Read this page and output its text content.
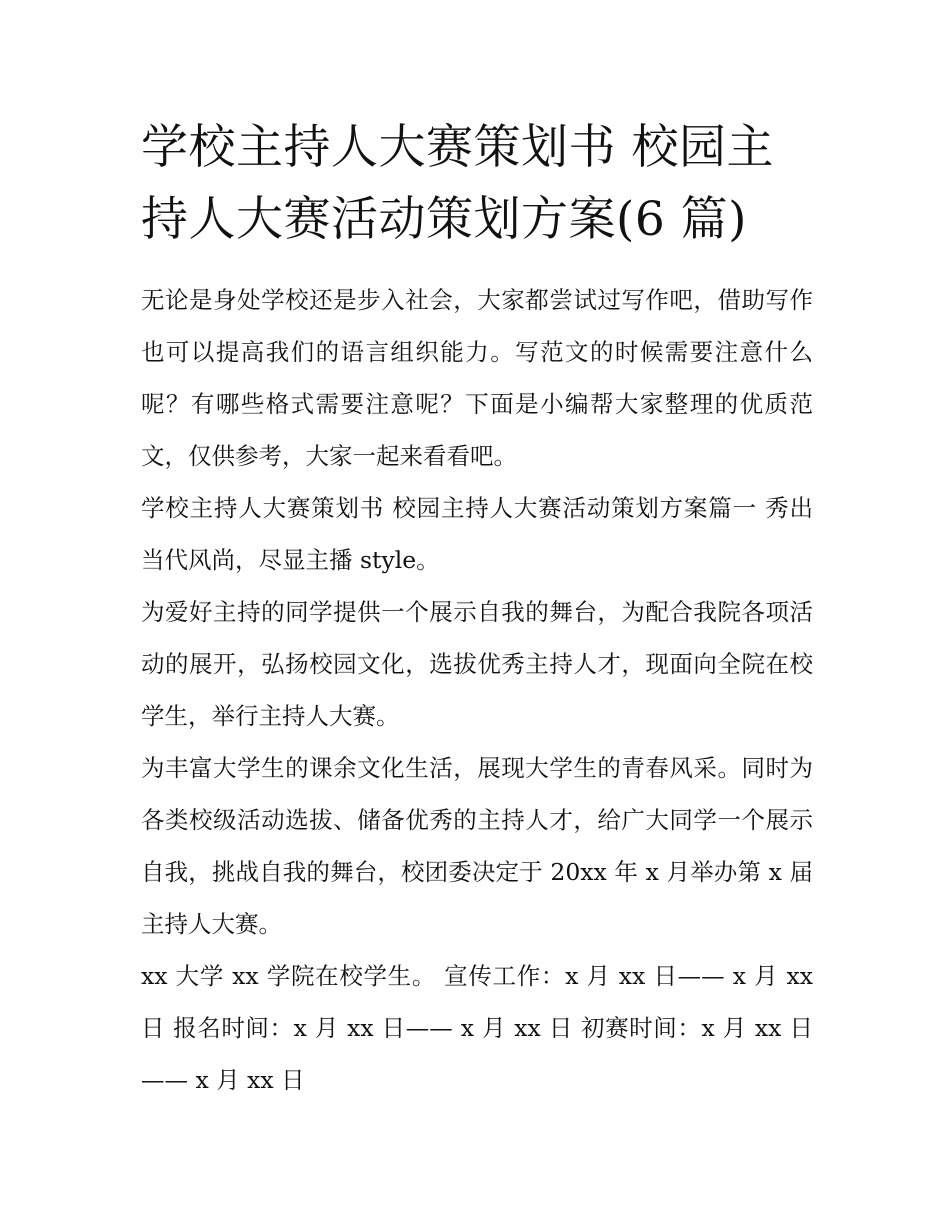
学校主持人大赛策划书 校园主持人大赛活动策划方案(6 篇)

无论是身处学校还是步入社会，大家都尝试过写作吧，借助写作也可以提高我们的语言组织能力。写范文的时候需要注意什么呢？有哪些格式需要注意呢？下面是小编帮大家整理的优质范文，仅供参考，大家一起来看看吧。

学校主持人大赛策划书 校园主持人大赛活动策划方案篇一 秀出当代风尚，尽显主播 style。

为爱好主持的同学提供一个展示自我的舞台，为配合我院各项活动的展开，弘扬校园文化，选拔优秀主持人才，现面向全院在校学生，举行主持人大赛。

为丰富大学生的课余文化生活，展现大学生的青春风采。同时为各类校级活动选拔、储备优秀的主持人才，给广大同学一个展示自我，挑战自我的舞台，校团委决定于 20xx 年 x 月举办第 x 届主持人大赛。

xx 大学 xx 学院在校学生。 宣传工作：x 月 xx 日—— x 月 xx 日 报名时间：x 月 xx 日—— x 月 xx 日 初赛时间：x 月 xx 日—— x 月 xx 日
